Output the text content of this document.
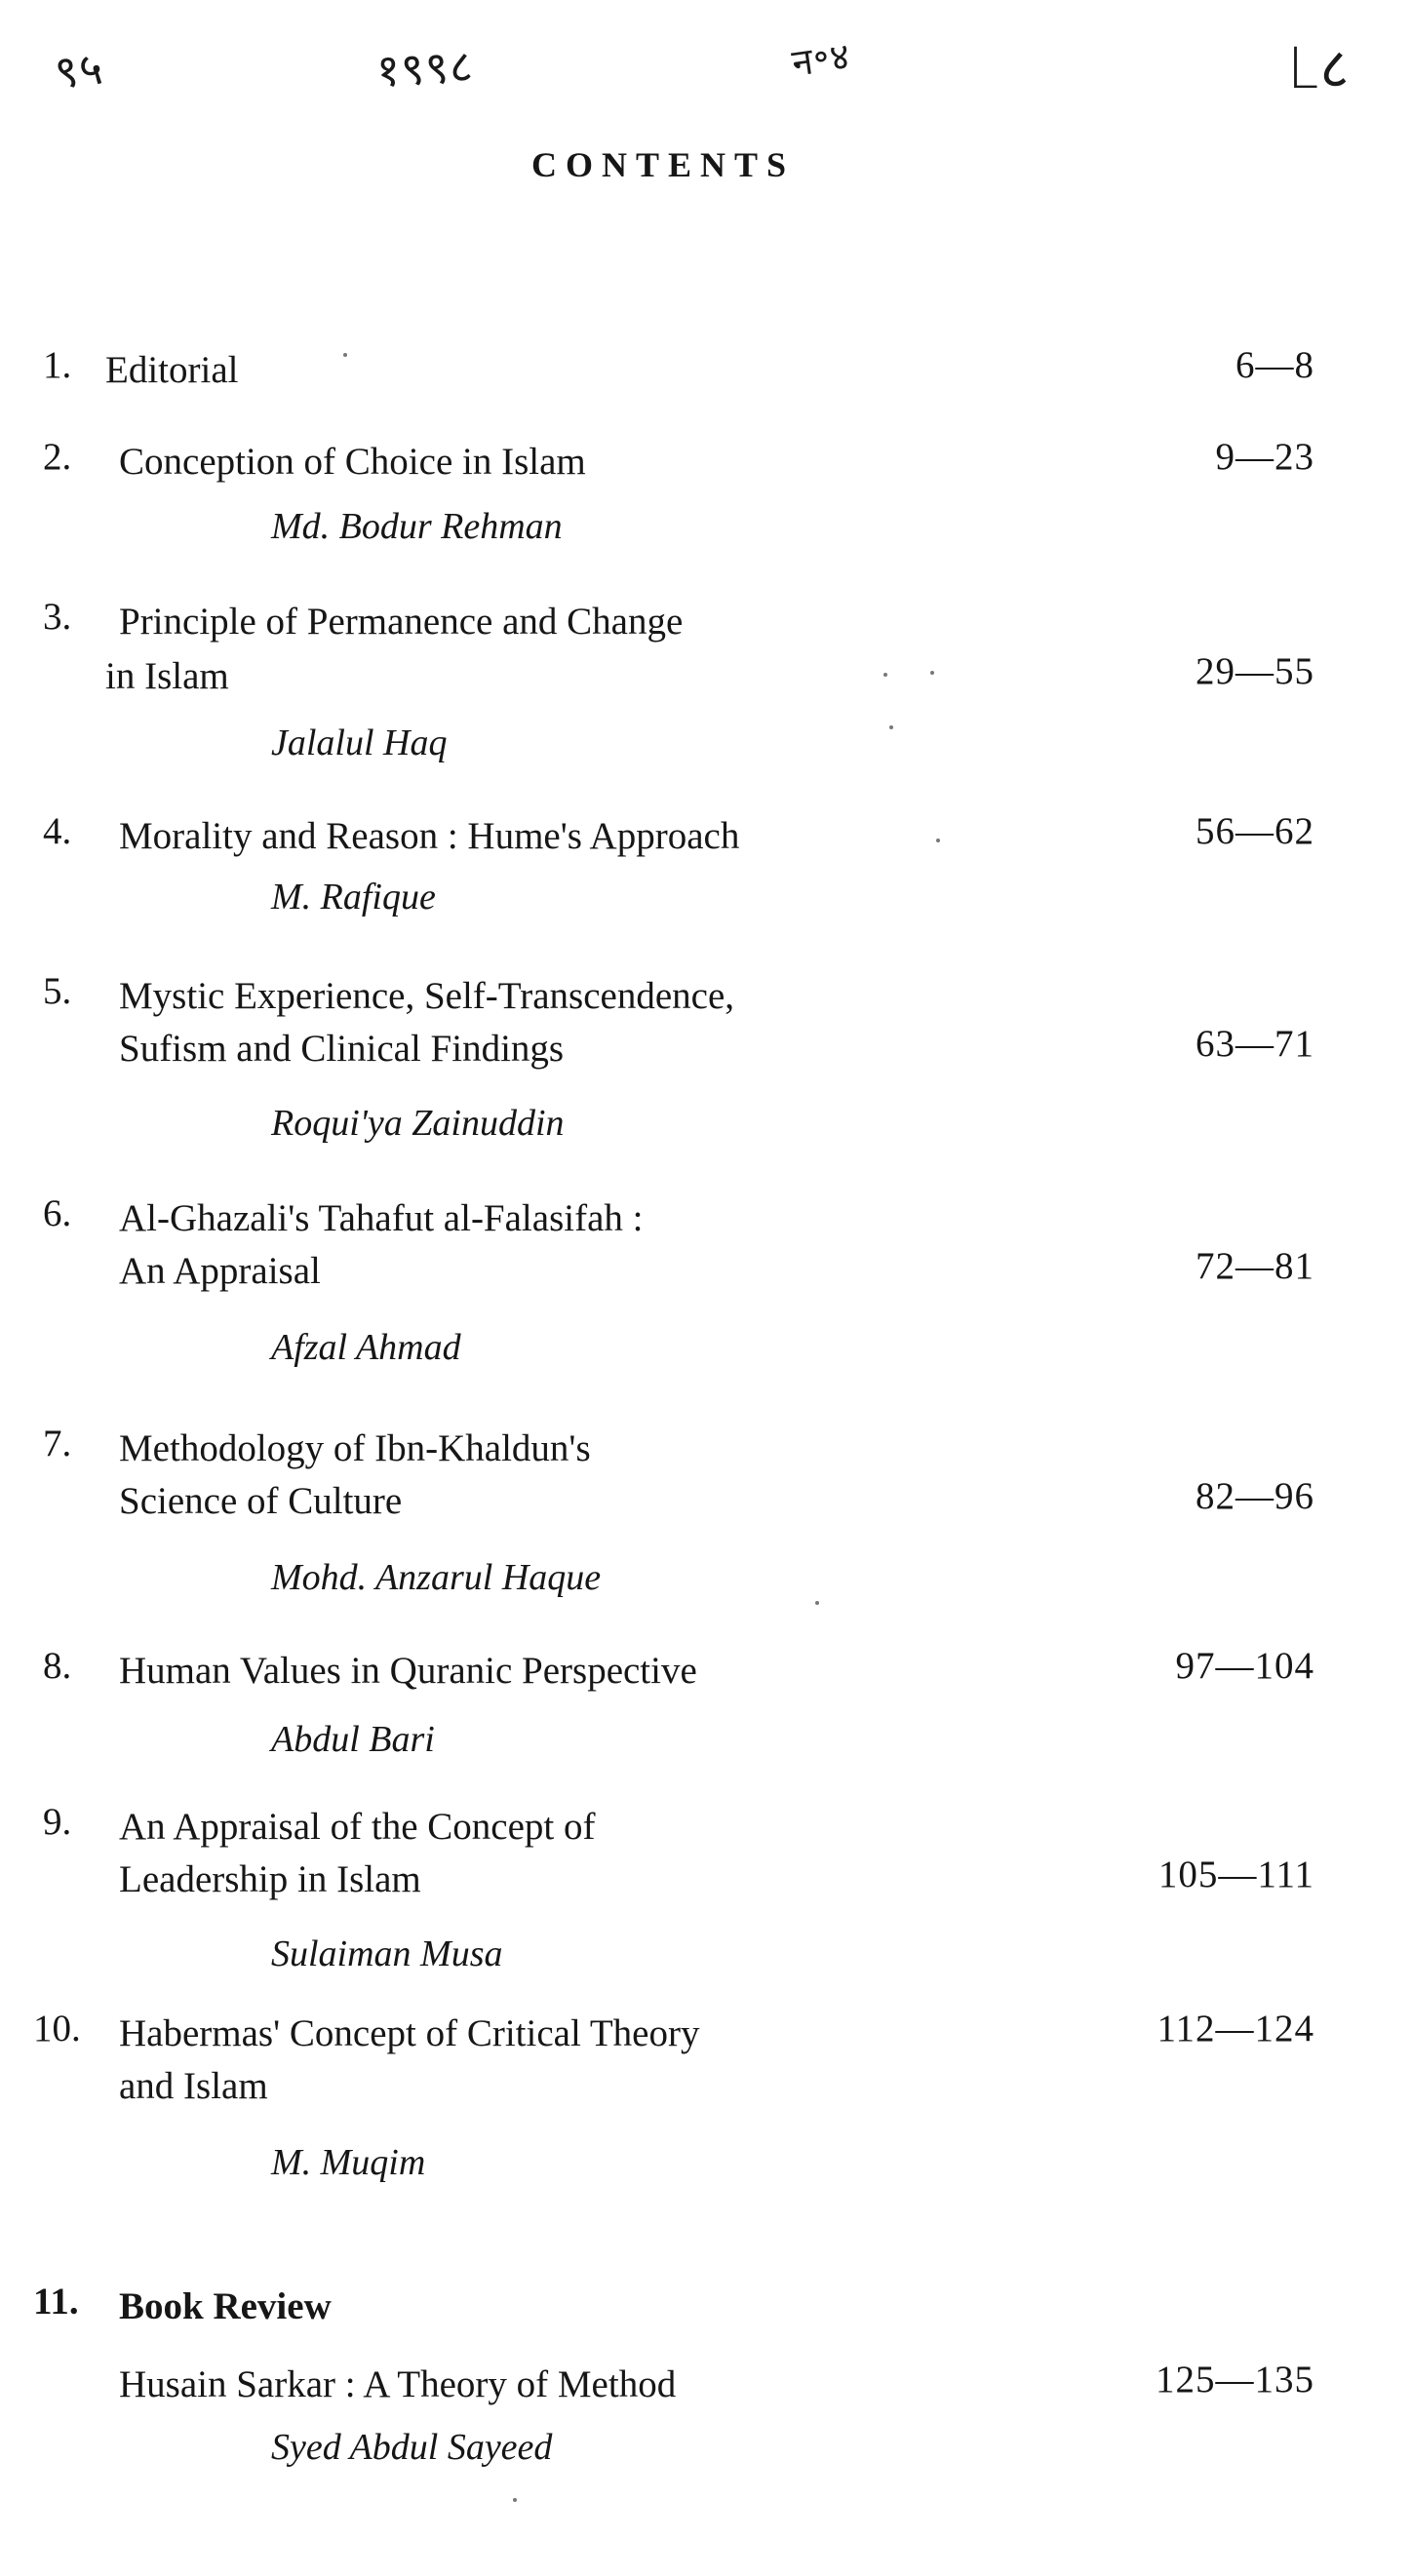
९५	१९९८	न॰४	L८
CONTENTS
1. Editorial	6—8
2.	Conception of Choice in Islam	9—23
Md. Bodur Rehman
3.	Principle of Permanence and Change
in Islam	29—55
Jalalul Haq
4.	Morality and Reason : Hume's Approach	56—62
M. Rafique
5.	Mystic Experience, Self-Transcendence,
Sufism and Clinical Findings	63—71
Roqui'ya Zainuddin
6.	Al-Ghazali's Tahafut al-Falasifah :
An Appraisal	72—81
Afzal Ahmad
7.	Methodology of Ibn-Khaldun's
Science of Culture	82—96
Mohd. Anzarul Haque
8.	Human Values in Quranic Perspective	97—104
Abdul Bari
9.	An Appraisal of the Concept of
Leadership in Islam	105—111
Sulaiman Musa
10.	Habermas' Concept of Critical Theory
and Islam
112—124
M. Muqim
11.	Book Review
Husain Sarkar : A Theory of Method	125—135
Syed Abdul Sayeed
